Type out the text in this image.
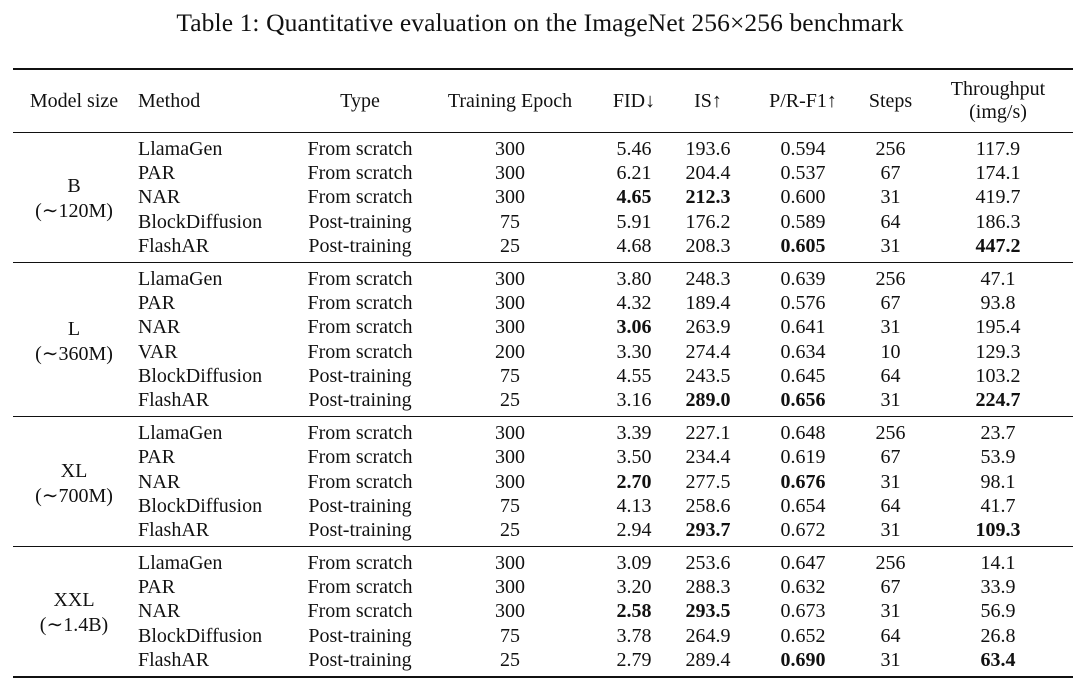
Table 1: Quantitative evaluation on the ImageNet 256×256 benchmark
Model size	Method	Type	Training Epoch	FID↓	IS↑	P/R-F1↑	Steps	Throughput
(img/s)

B
(∼120M)	LlamaGen	From scratch	300	5.46	193.6	0.594	256	117.9
	PAR	From scratch	300	6.21	204.4	0.537	67	174.1
	NAR	From scratch	300	4.65	212.3	0.600	31	419.7
	BlockDiffusion	Post-training	75	5.91	176.2	0.589	64	186.3
	FlashAR	Post-training	25	4.68	208.3	0.605	31	447.2

L
(∼360M)	LlamaGen	From scratch	300	3.80	248.3	0.639	256	47.1
	PAR	From scratch	300	4.32	189.4	0.576	67	93.8
	NAR	From scratch	300	3.06	263.9	0.641	31	195.4
	VAR	From scratch	200	3.30	274.4	0.634	10	129.3
	BlockDiffusion	Post-training	75	4.55	243.5	0.645	64	103.2
	FlashAR	Post-training	25	3.16	289.0	0.656	31	224.7

XL
(∼700M)	LlamaGen	From scratch	300	3.39	227.1	0.648	256	23.7
	PAR	From scratch	300	3.50	234.4	0.619	67	53.9
	NAR	From scratch	300	2.70	277.5	0.676	31	98.1
	BlockDiffusion	Post-training	75	4.13	258.6	0.654	64	41.7
	FlashAR	Post-training	25	2.94	293.7	0.672	31	109.3

XXL
(∼1.4B)	LlamaGen	From scratch	300	3.09	253.6	0.647	256	14.1
	PAR	From scratch	300	3.20	288.3	0.632	67	33.9
	NAR	From scratch	300	2.58	293.5	0.673	31	56.9
	BlockDiffusion	Post-training	75	3.78	264.9	0.652	64	26.8
	FlashAR	Post-training	25	2.79	289.4	0.690	31	63.4
